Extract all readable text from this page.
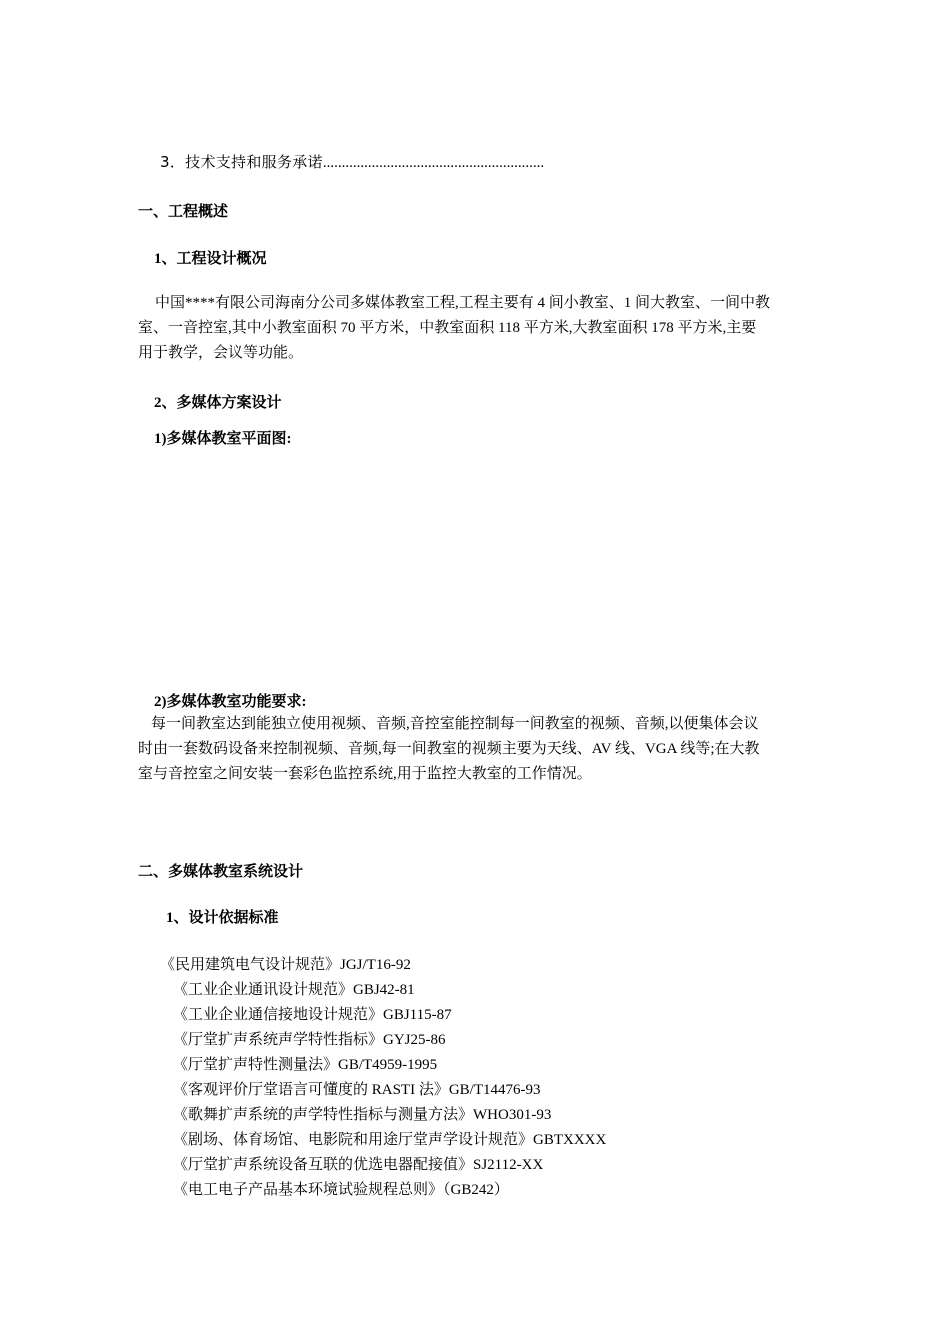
3．技术支持和服务承诺...........................................................
一、工程概述
1、工程设计概况

中国****有限公司海南分公司多媒体教室工程,工程主要有 4 间小教室、1 间大教室、一间中教

室、一音控室,其中小教室面积 70 平方米，中教室面积 118 平方米,大教室面积 178 平方米,主要

用于教学，会议等功能。

2、多媒体方案设计
1)多媒体教室平面图:
2)多媒体教室功能要求:

每一间教室达到能独立使用视频、音频,音控室能控制每一间教室的视频、音频,以便集体会议

时由一套数码设备来控制视频、音频,每一间教室的视频主要为天线、AV 线、VGA 线等;在大教

室与音控室之间安装一套彩色监控系统,用于监控大教室的工作情况。

二、多媒体教室系统设计
1、设计依据标准
《民用建筑电气设计规范》JGJ/T16-92
《工业企业通讯设计规范》GBJ42-81
《工业企业通信接地设计规范》GBJ115-87
《厅堂扩声系统声学特性指标》GYJ25-86
《厅堂扩声特性测量法》GB/T4959-1995
《客观评价厅堂语言可懂度的 RASTI 法》GB/T14476-93
《歌舞扩声系统的声学特性指标与测量方法》WHO301-93
《剧场、体育场馆、电影院和用途厅堂声学设计规范》GBTXXXX
《厅堂扩声系统设备互联的优选电器配接值》SJ2112-XX
《电工电子产品基本环境试验规程总则》（GB242）
